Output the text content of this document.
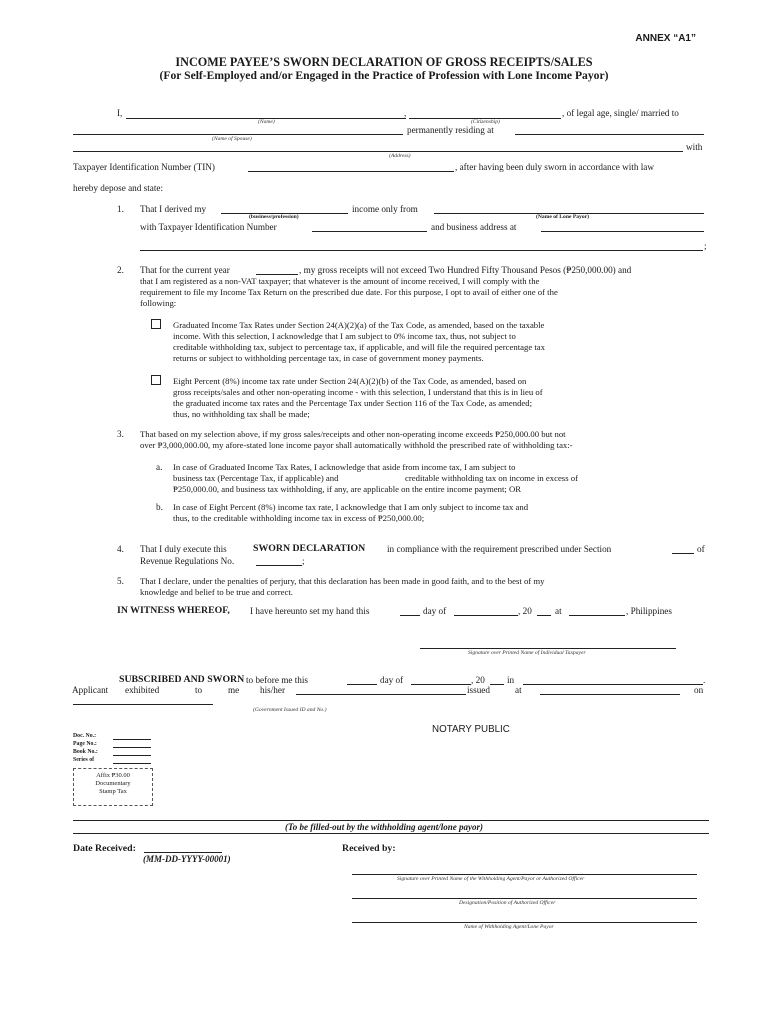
ANNEX “A1”
INCOME PAYEE’S SWORN DECLARATION OF GROSS RECEIPTS/SALES
(For Self-Employed and/or Engaged in the Practice of Profession with Lone Income Payor)
I,	,	, of legal age, single/ married to
(Name)	(Citizenship)
permanently residing at
(Name of Spouse)
with
(Address)
Taxpayer Identification Number (TIN)	, after having been duly sworn in accordance with law
hereby depose and state:
1. That I derived my	income only from
(business/profession)	(Name of Lone Payor)
with Taxpayer Identification Number	and business address at
;
2. That for the current year	, my gross receipts will not exceed Two Hundred Fifty Thousand Pesos (₱250,000.00) and
that I am registered as a non-VAT taxpayer; that whatever is the amount of income received, I will comply with the
requirement to file my Income Tax Return on the prescribed due date. For this purpose, I opt to avail of either one of the
following:
Graduated Income Tax Rates under Section 24(A)(2)(a) of the Tax Code, as amended, based on the taxable
income. With this selection, I acknowledge that I am subject to 0% income tax, thus, not subject to
creditable withholding tax, subject to percentage tax, if applicable, and will file the required percentage tax
returns or subject to withholding percentage tax, in case of government money payments.
Eight Percent (8%) income tax rate under Section 24(A)(2)(b) of the Tax Code, as amended, based on
gross receipts/sales and other non-operating income - with this selection, I understand that this is in lieu of
the graduated income tax rates and the Percentage Tax under Section 116 of the Tax Code, as amended;
thus, no withholding tax shall be made;
3. That based on my selection above, if my gross sales/receipts and other non-operating income exceeds ₱250,000.00 but not
over ₱3,000,000.00, my afore-stated lone income payor shall automatically withhold the prescribed rate of withholding tax:-
a. In case of Graduated Income Tax Rates, I acknowledge that aside from income tax, I am subject to
business tax (Percentage Tax, if applicable) and	creditable withholding tax on income in excess of
₱250,000.00, and business tax withholding, if any, are applicable on the entire income payment; OR
b. In case of Eight Percent (8%) income tax rate, I acknowledge that I am only subject to income tax and
thus, to the creditable withholding income tax in excess of ₱250,000.00;
4. That I duly execute this	SWORN DECLARATION in compliance with the requirement prescribed under Section	of
Revenue Regulations No.	;
5. That I declare, under the penalties of perjury, that this declaration has been made in good faith, and to the best of my
knowledge and belief to be true and correct.
IN WITNESS WHEREOF, I have hereunto set my hand this	day of	, 20	at	, Philippines
Signature over Printed Name of Individual Taxpayer
SUBSCRIBED AND SWORN to before me this	day of	, 20 in	.
Applicant exhibited	to	me his/her	issued	at	on
(Government Issued ID and No.)
NOTARY PUBLIC
Doc. No.:
Page No.:
Book No.:
Series of
Affix ₱30.00
Documentary
Stamp Tax
(To be filled-out by the withholding agent/lone payor)
Date Received:
(MM-DD-YYYY-00001)
Received by:
Signature over Printed Name of the Withholding Agent/Payor or Authorized Officer
Designation/Position of Authorized Officer
Name of Withholding Agent/Lone Payor
